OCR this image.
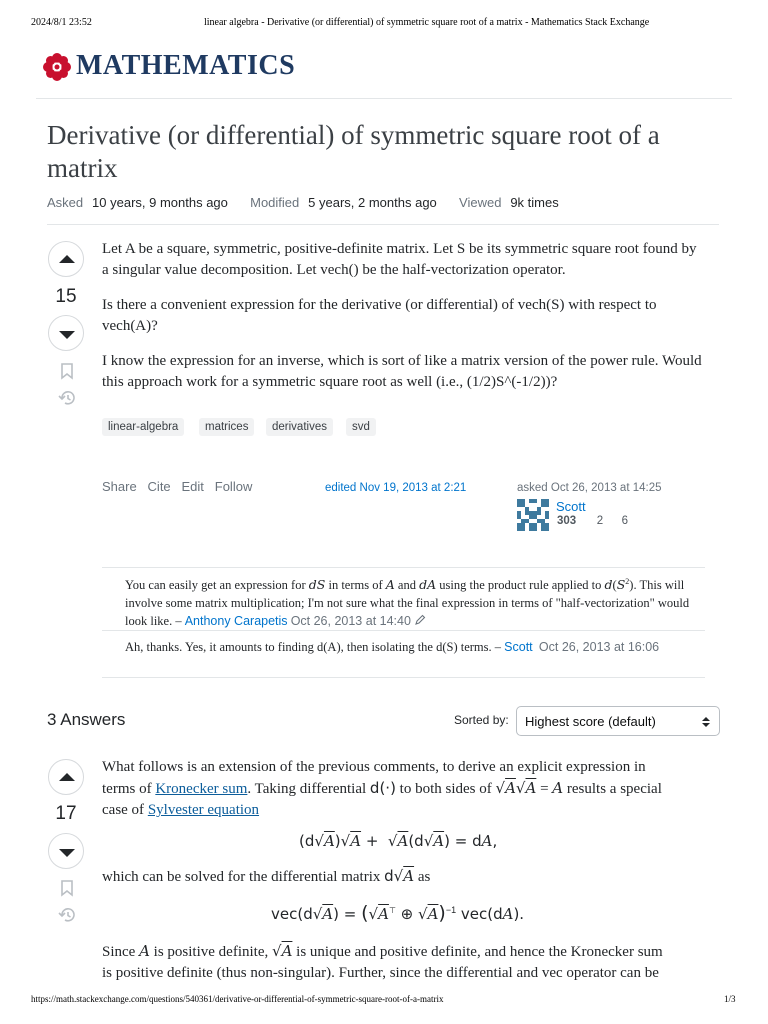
2024/8/1 23:52	linear algebra - Derivative (or differential) of symmetric square root of a matrix - Mathematics Stack Exchange
MATHEMATICS
Derivative (or differential) of symmetric square root of a matrix
Asked 10 years, 9 months ago Modified 5 years, 2 months ago Viewed 9k times
15

Let A be a square, symmetric, positive-definite matrix. Let S be its symmetric square root found by a singular value decomposition. Let vech() be the half-vectorization operator.

Is there a convenient expression for the derivative (or differential) of vech(S) with respect to vech(A)?

I know the expression for an inverse, which is sort of like a matrix version of the power rule. Would this approach work for a symmetric square root as well (i.e., (1/2)S^(-1/2))?

linear-algebra	matrices	derivatives	svd
Share Cite Edit Follow	edited Nov 19, 2013 at 2:21	asked Oct 26, 2013 at 14:25
Scott
303 2 6
You can easily get an expression for dS in terms of A and dA using the product rule applied to $d(S^2)$. This will involve some matrix multiplication; I'm not sure what the final expression in terms of "half-vectorization" would look like. – Anthony Carapetis Oct 26, 2013 at 14:40
Ah, thanks. Yes, it amounts to finding d(A), then isolating the d(S) terms. – Scott Oct 26, 2013 at 16:06
3 Answers	Sorted by: Highest score (default)
17
What follows is an extension of the previous comments, to derive an explicit expression in
terms of Kronecker sum. Taking differential d(·) to both sides of √A√A = A results a special
case of Sylvester equation
(d√A)√A +  √A(d√A) = dA,
which can be solved for the differential matrix d√A as
vec(d√A) = (√A⊤ ⊕ √A)$^{-1}$ vec(dA).
Since A is positive definite, √A is unique and positive definite, and hence the Kronecker sum
is positive definite (thus non-singular). Further, since the differential and vec operator can be
https://math.stackexchange.com/questions/540361/derivative-or-differential-of-symmetric-square-root-of-a-matrix	1/3
